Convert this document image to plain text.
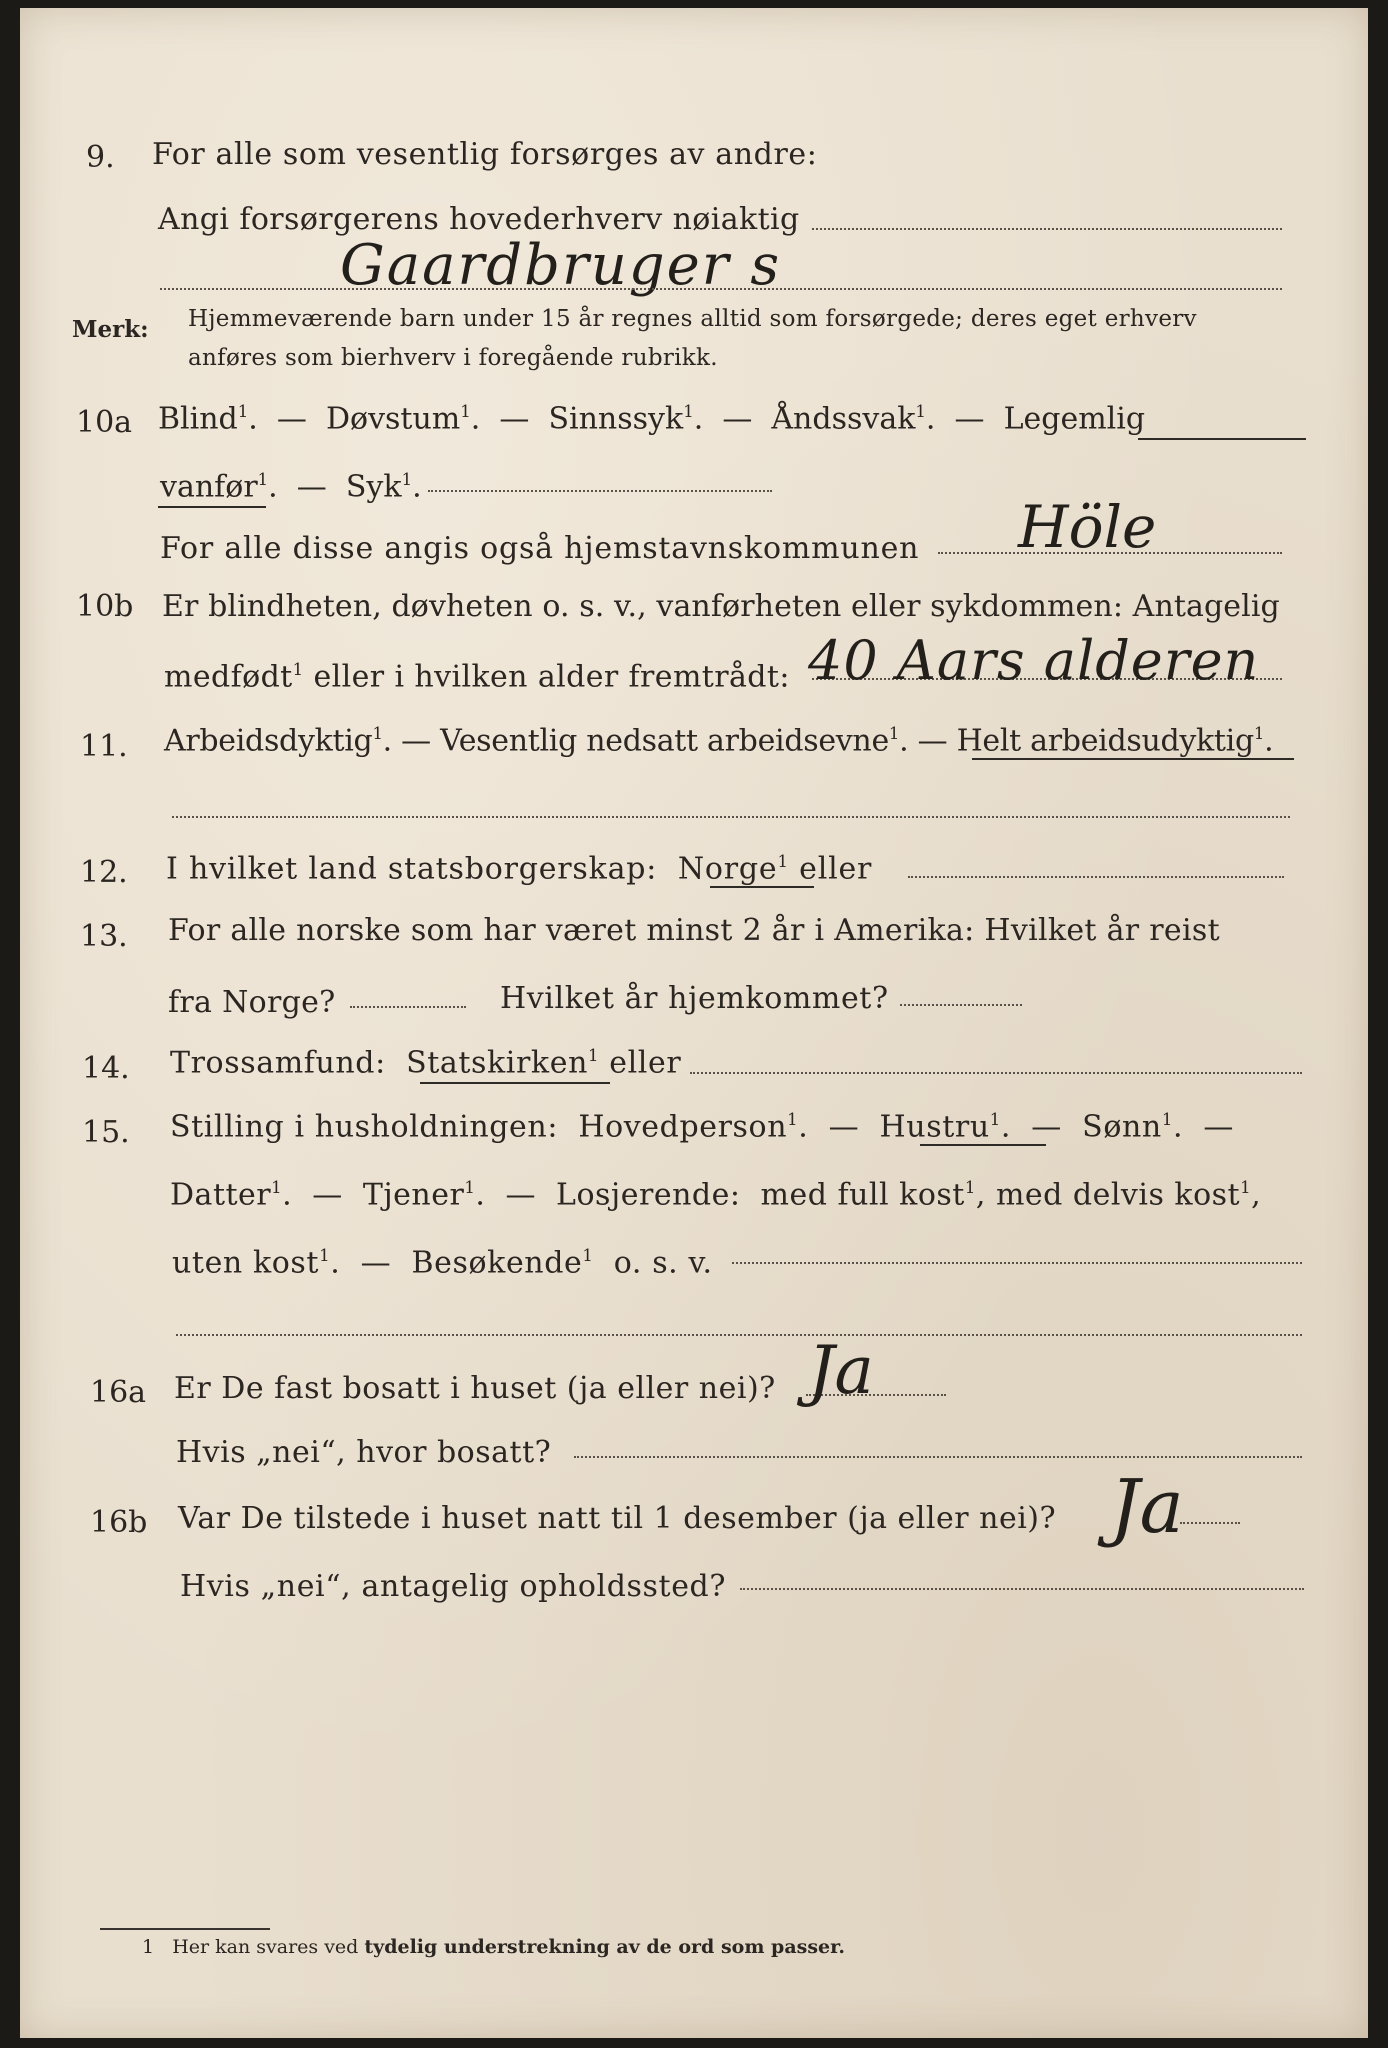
9. For alle som vesentlig forsørges av andre:
Angi forsørgerens hovederhverv nøiaktig
Gaardbruger s
Merk: Hjemmeværende barn under 15 år regnes alltid som forsørgede; deres eget erhverv
anføres som bierhverv i foregående rubrikk.
10a Blind$^1$. — Døvstum$^1$. — Sinnssyk$^1$. — Åndssvak$^1$. — Legemlig
vanfør$^1$. — Syk$^1$.
For alle disse angis også hjemstavnskommunen Höle
10b Er blindheten, døvheten o. s. v., vanførheten eller sykdommen: Antagelig
medfødt$^1$ eller i hvilken alder fremtrådt: 40 Aars alderen
11. Arbeidsdyktig$^1$. — Vesentlig nedsatt arbeidsevne$^1$. — Helt arbeidsudyktig$^1$.
12. I hvilket land statsborgerskap: Norge$^1$ eller
13. For alle norske som har været minst 2 år i Amerika: Hvilket år reist
fra Norge?	Hvilket år hjemkommet?
14. Trossamfund: Statskirken$^1$ eller
15. Stilling i husholdningen: Hovedperson$^1$. — Hustru$^1$. — Sønn$^1$. —
Datter$^1$. — Tjener$^1$. — Losjerende: med full kost$^1$, med delvis kost$^1$,
uten kost$^1$. — Besøkende$^1$ o. s. v.
16a Er De fast bosatt i huset (ja eller nei)? Ja
Hvis „nei“, hvor bosatt?
16b Var De tilstede i huset natt til 1 desember (ja eller nei)? Ja
Hvis „nei“, antagelig opholdssted?
1 Her kan svares ved tydelig understrekning av de ord som passer.
